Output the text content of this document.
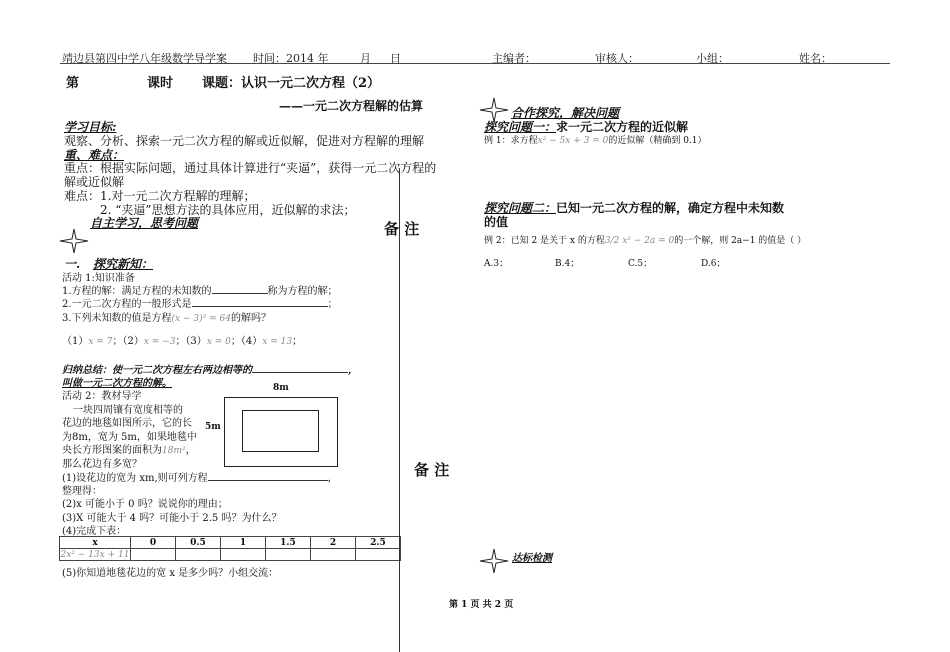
靖边县第四中学八年级数学导学案 时间：2014 年	月 日	主编者：	审核人：	小组：	姓名：
第	课时 课题：认识一元二次方程（2）
——一元二次方程解的估算
学习目标:
观察、分析、探索一元二次方程的解或近似解，促进对方程解的理解
重、难点：
重点：根据实际问题，通过具体计算进行“夹逼”，获得一元二次方程的
解或近似解
难点：1.对一元二次方程解的理解；
2. “夹逼”思想方法的具体应用，近似解的求法；
自主学习，思考问题
一. 探究新知：
活动 1:知识准备
1.方程的解：满足方程的未知数的	称为方程的解；
2.一元二次方程的一般形式是	；
3.下列未知数的值是方程(x − 3)² = 64的解吗？
（1）x = 7；（2）x = −3；（3）x = 0；（4）x = 13；
归纳总结：使一元二次方程左右两边相等的	，
叫做一元二次方程的解。
活动 2：教材导学
一块四周镶有宽度相等的
花边的地毯如图所示，它的长
为8m，宽为 5m，如果地毯中
央长方形图案的面积为18m²，
那么花边有多宽？
8m
5m
(1)设花边的宽为 xm,则可列方程	，
整理得：
(2)x 可能小于 0 吗？说说你的理由；
(3)X 可能大于 4 吗？可能小于 2.5 吗？为什么？
(4)完成下表：
x	0	0.5	1	1.5	2	2.5
2x² − 13x + 11						
(5)你知道地毯花边的宽 x 是多少吗？小组交流：
备 注
备 注
合作探究，解决问题
探究问题一：求一元二次方程的近似解
例 1：求方程x² − 5x + 3 = 0的近似解（精确到 0.1）
探究问题二：已知一元二次方程的解，确定方程中未知数
的值
例 2：已知 2 是关于 x 的方程3/2 x² − 2a = 0的一个解，则 2a−1 的值是（ ）
A.3；	B.4；	C.5；	D.6；
达标检测
第 1 页 共 2 页
